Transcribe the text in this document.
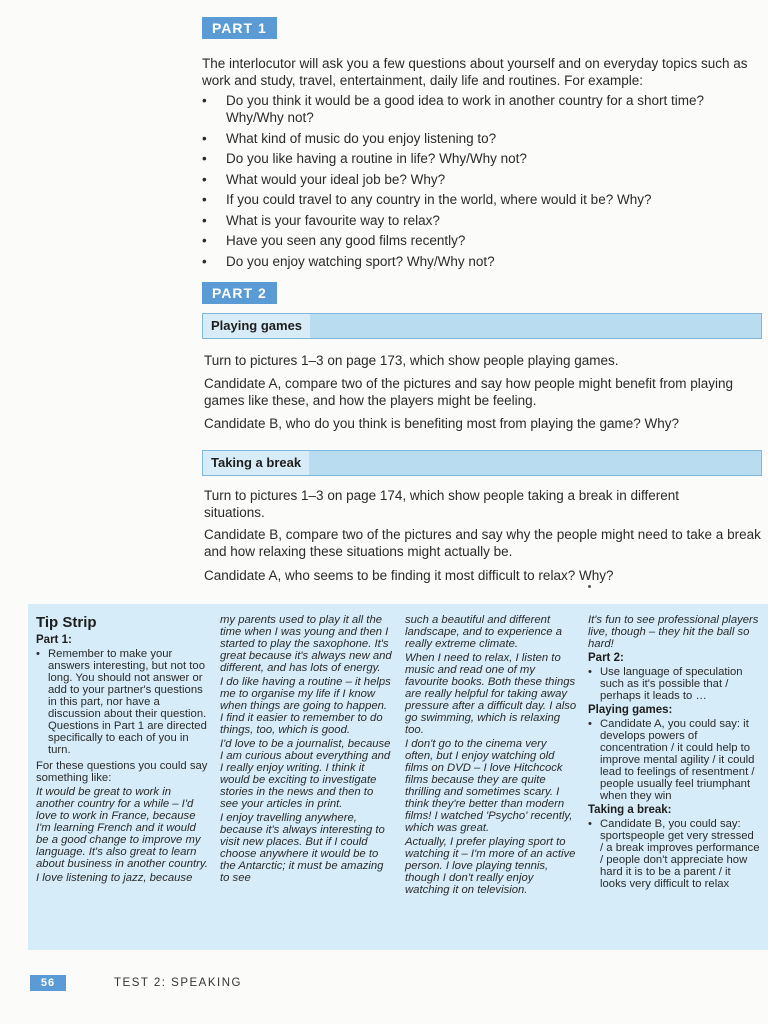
PART 1
The interlocutor will ask you a few questions about yourself and on everyday topics such as work and study, travel, entertainment, daily life and routines. For example:
• Do you think it would be a good idea to work in another country for a short time? Why/Why not?
• What kind of music do you enjoy listening to?
• Do you like having a routine in life? Why/Why not?
• What would your ideal job be? Why?
• If you could travel to any country in the world, where would it be? Why?
• What is your favourite way to relax?
• Have you seen any good films recently?
• Do you enjoy watching sport? Why/Why not?
PART 2
Playing games
Turn to pictures 1–3 on page 173, which show people playing games.
Candidate A, compare two of the pictures and say how people might benefit from playing games like these, and how the players might be feeling.
Candidate B, who do you think is benefiting most from playing the game? Why?
Taking a break
Turn to pictures 1–3 on page 174, which show people taking a break in different situations.
Candidate B, compare two of the pictures and say why the people might need to take a break and how relaxing these situations might actually be.
Candidate A, who seems to be finding it most difficult to relax? Why?

Tip Strip

Part 1:

• Remember to make your answers interesting, but not too long. You should not answer or add to your partner's questions in this part, nor have a discussion about their question. Questions in Part 1 are directed specifically to each of you in turn.

For these questions you could say something like:

It would be great to work in another country for a while – I'd love to work in France, because I'm learning French and it would be a good change to improve my language. It's also great to learn about business in another country.

I love listening to jazz, because

my parents used to play it all the time when I was young and then I started to play the saxophone. It's great because it's always new and different, and has lots of energy.

I do like having a routine – it helps me to organise my life if I know when things are going to happen. I find it easier to remember to do things, too, which is good.

I'd love to be a journalist, because I am curious about everything and I really enjoy writing. I think it would be exciting to investigate stories in the news and then to see your articles in print.

I enjoy travelling anywhere, because it's always interesting to visit new places. But if I could choose anywhere it would be to the Antarctic; it must be amazing to see

such a beautiful and different landscape, and to experience a really extreme climate.

When I need to relax, I listen to music and read one of my favourite books. Both these things are really helpful for taking away pressure after a difficult day. I also go swimming, which is relaxing too.

I don't go to the cinema very often, but I enjoy watching old films on DVD – I love Hitchcock films because they are quite thrilling and sometimes scary. I think they're better than modern films! I watched 'Psycho' recently, which was great.

Actually, I prefer playing sport to watching it – I'm more of an active person. I love playing tennis, though I don't really enjoy watching it on television.

It's fun to see professional players live, though – they hit the ball so hard!

Part 2:

• Use language of speculation such as it's possible that / perhaps it leads to …

Playing games:

• Candidate A, you could say: it develops powers of concentration / it could help to improve mental agility / it could lead to feelings of resentment / people usually feel triumphant when they win

Taking a break:

• Candidate B, you could say: sportspeople get very stressed / a break improves performance / people don't appreciate how hard it is to be a parent / it looks very difficult to relax

56	TEST 2: SPEAKING
